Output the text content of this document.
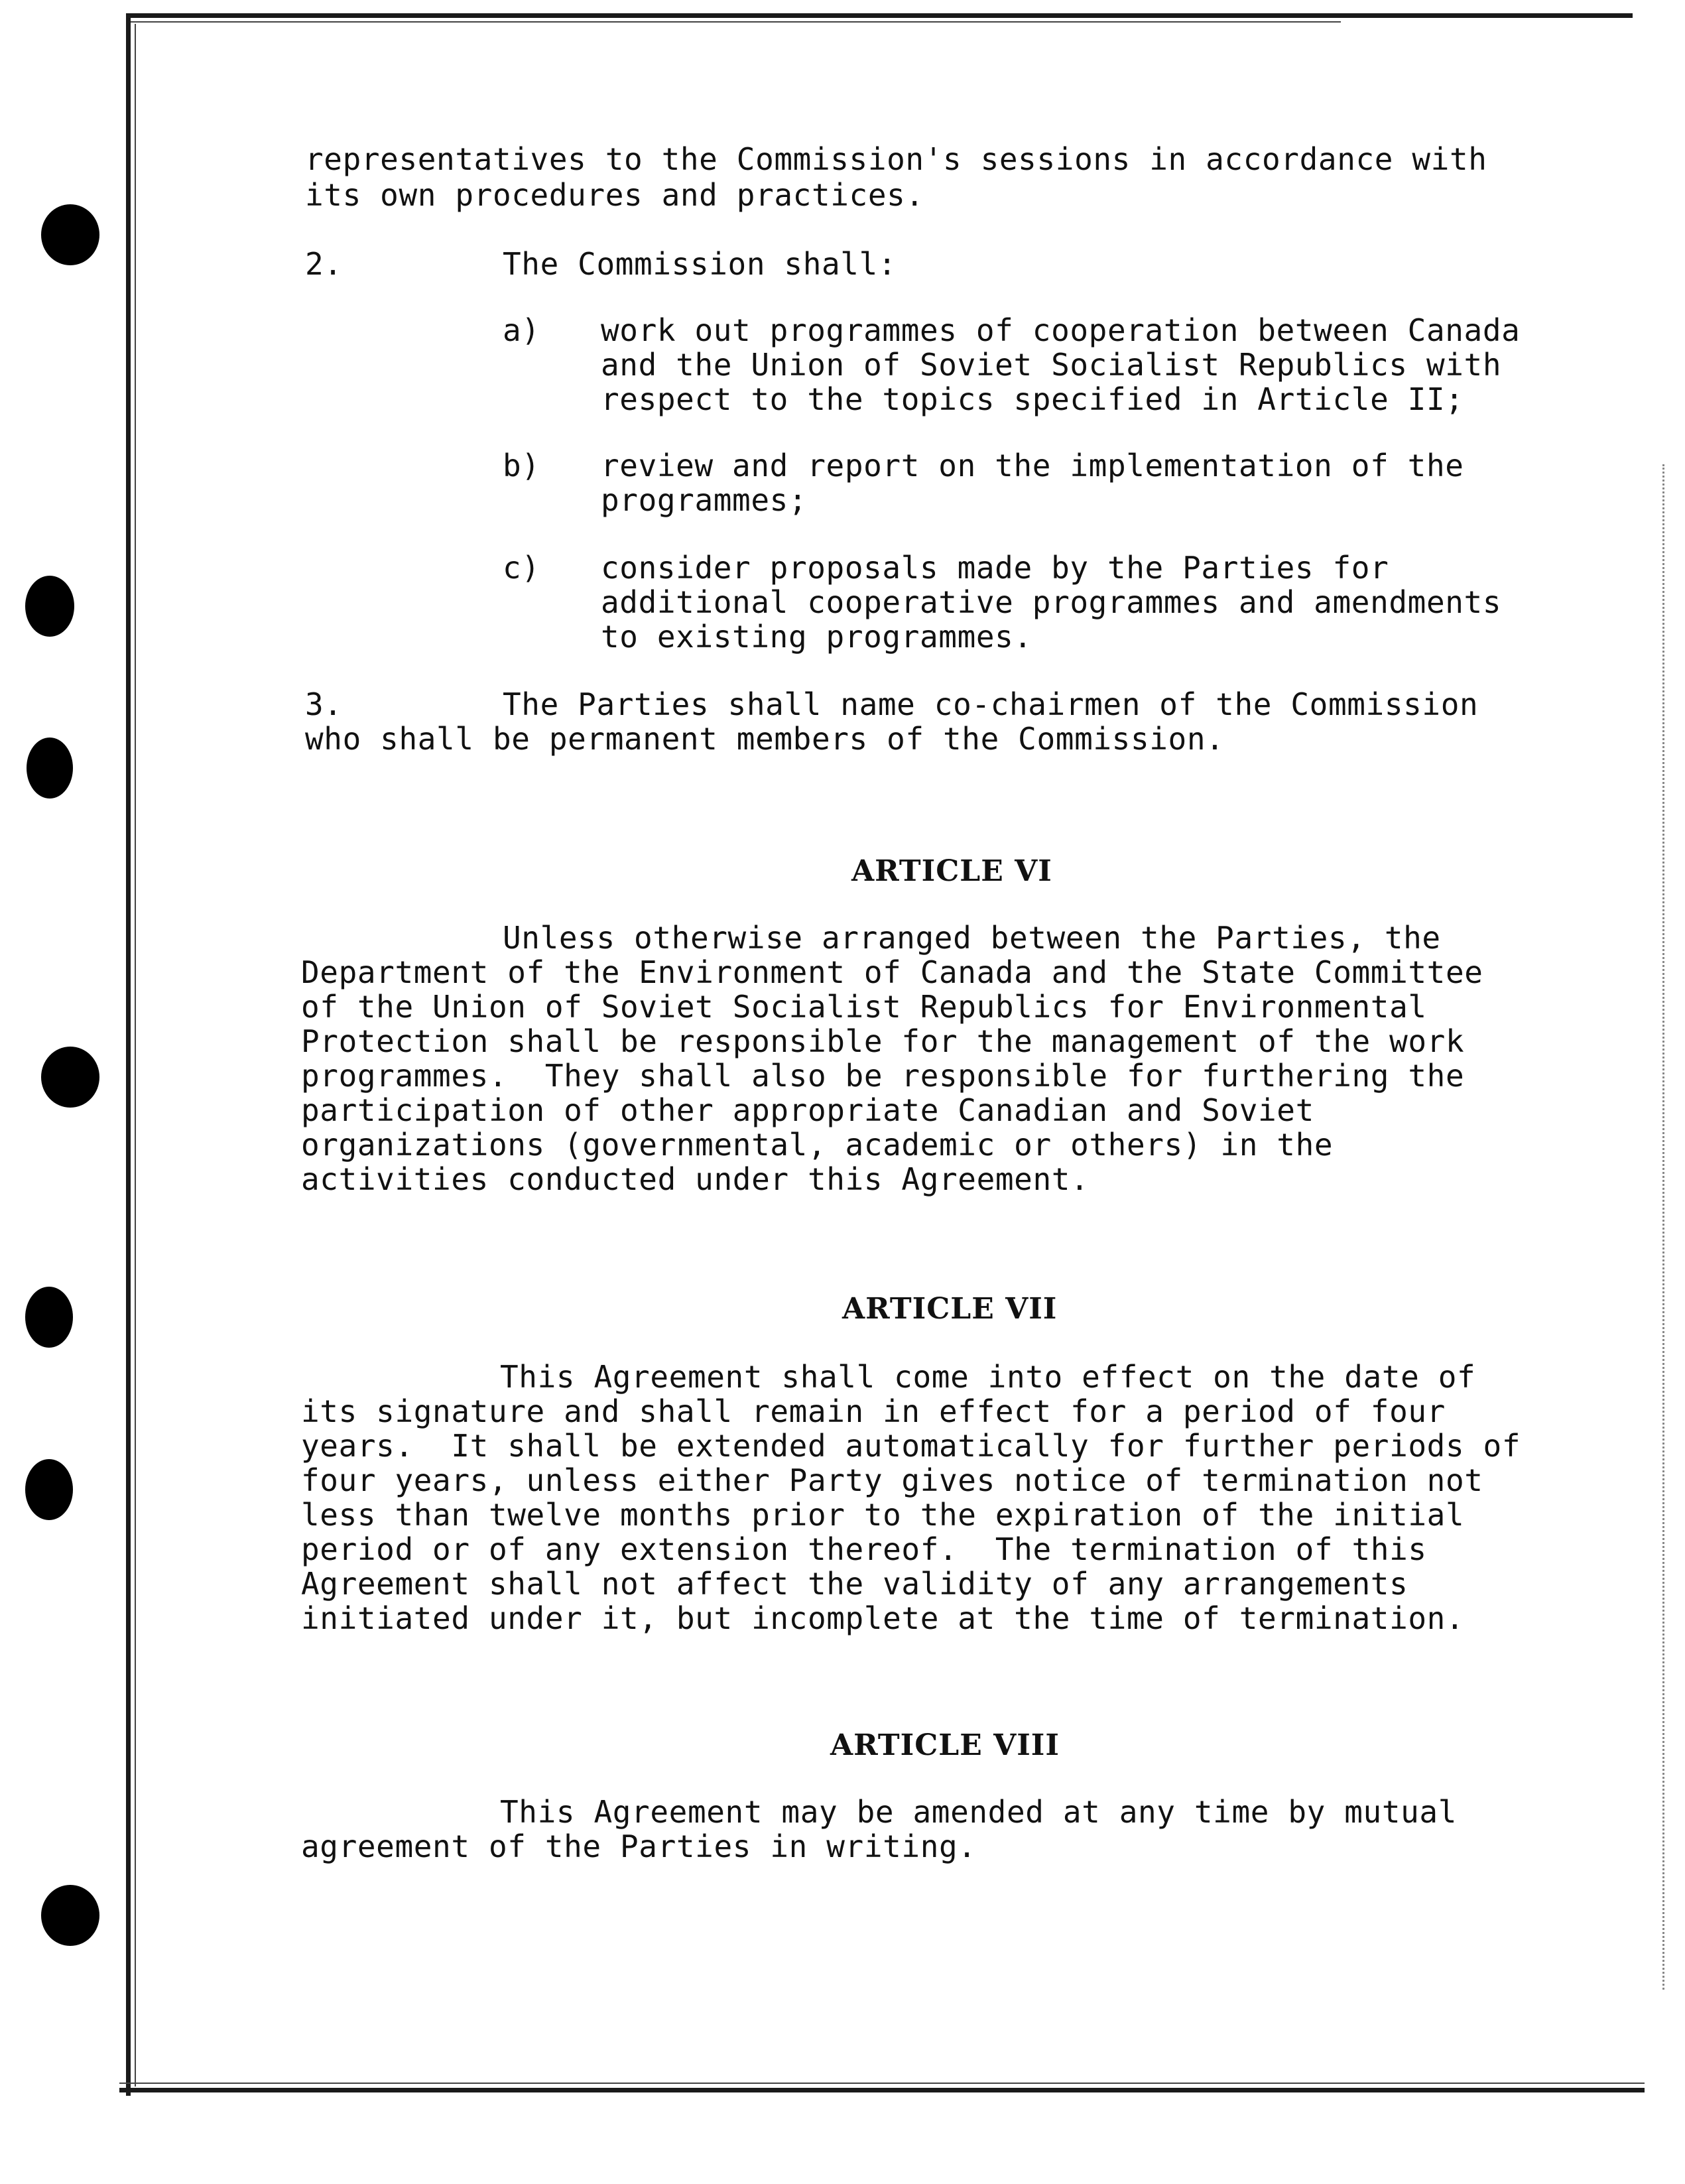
representatives to the Commission's sessions in accordance with

its own procedures and practices.

2.	The Commission shall:

a) work out programmes of cooperation between Canada

and the Union of Soviet Socialist Republics with

respect to the topics specified in Article II;

b) review and report on the implementation of the

programmes;

c) consider proposals made by the Parties for

additional cooperative programmes and amendments

to existing programmes.

3.	The Parties shall name co-chairmen of the Commission

who shall be permanent members of the Commission.

ARTICLE VI

Unless otherwise arranged between the Parties, the

Department of the Environment of Canada and the State Committee

of the Union of Soviet Socialist Republics for Environmental

Protection shall be responsible for the management of the work

programmes.  They shall also be responsible for furthering the

participation of other appropriate Canadian and Soviet

organizations (governmental, academic or others) in the

activities conducted under this Agreement.

ARTICLE VII

This Agreement shall come into effect on the date of

its signature and shall remain in effect for a period of four

years.  It shall be extended automatically for further periods of

four years, unless either Party gives notice of termination not

less than twelve months prior to the expiration of the initial

period or of any extension thereof.  The termination of this

Agreement shall not affect the validity of any arrangements

initiated under it, but incomplete at the time of termination.

ARTICLE VIII

This Agreement may be amended at any time by mutual

agreement of the Parties in writing.
